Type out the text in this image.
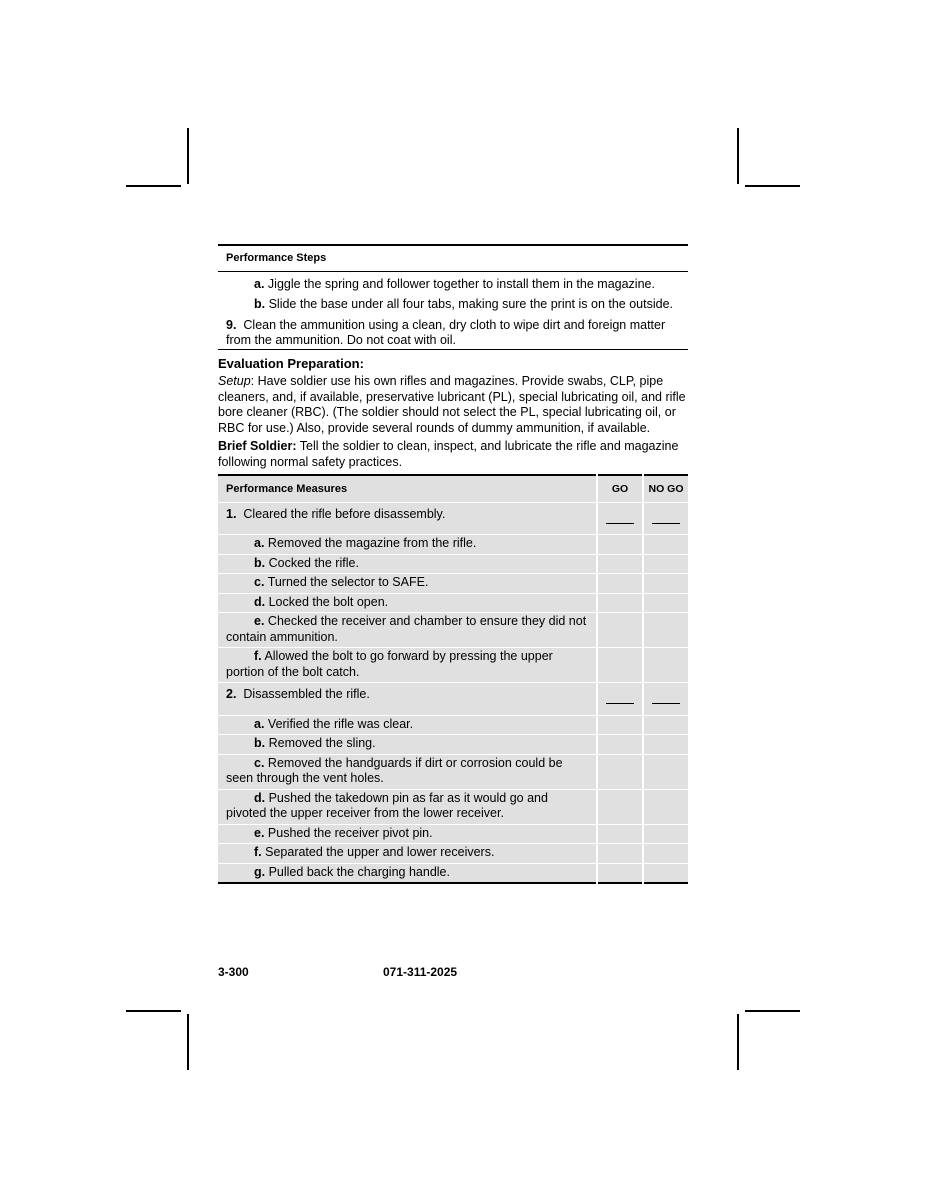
Performance Steps

a. Jiggle the spring and follower together to install them in the magazine.

b. Slide the base under all four tabs, making sure the print is on the outside.

9. Clean the ammunition using a clean, dry cloth to wipe dirt and foreign matter from the ammunition. Do not coat with oil.

Evaluation Preparation:

Setup: Have soldier use his own rifles and magazines. Provide swabs, CLP, pipe cleaners, and, if available, preservative lubricant (PL), special lubricating oil, and rifle bore cleaner (RBC). (The soldier should not select the PL, special lubricating oil, or RBC for use.) Also, provide several rounds of dummy ammunition, if available.

Brief Soldier: Tell the soldier to clean, inspect, and lubricate the rifle and magazine following normal safety practices.

Performance Measures	GO	NO GO

1. Cleared the rifle before disassembly.		

a. Removed the magazine from the rifle.		

b. Cocked the rifle.		

c. Turned the selector to SAFE.		

d. Locked the bolt open.		

e. Checked the receiver and chamber to ensure they did not contain ammunition.		

f. Allowed the bolt to go forward by pressing the upper portion of the bolt catch.		

2. Disassembled the rifle.		

a. Verified the rifle was clear.		

b. Removed the sling.		

c. Removed the handguards if dirt or corrosion could be seen through the vent holes.		

d. Pushed the takedown pin as far as it would go and pivoted the upper receiver from the lower receiver.		

e. Pushed the receiver pivot pin.		

f. Separated the upper and lower receivers.		

g. Pulled back the charging handle.		

3-300	071-311-2025
